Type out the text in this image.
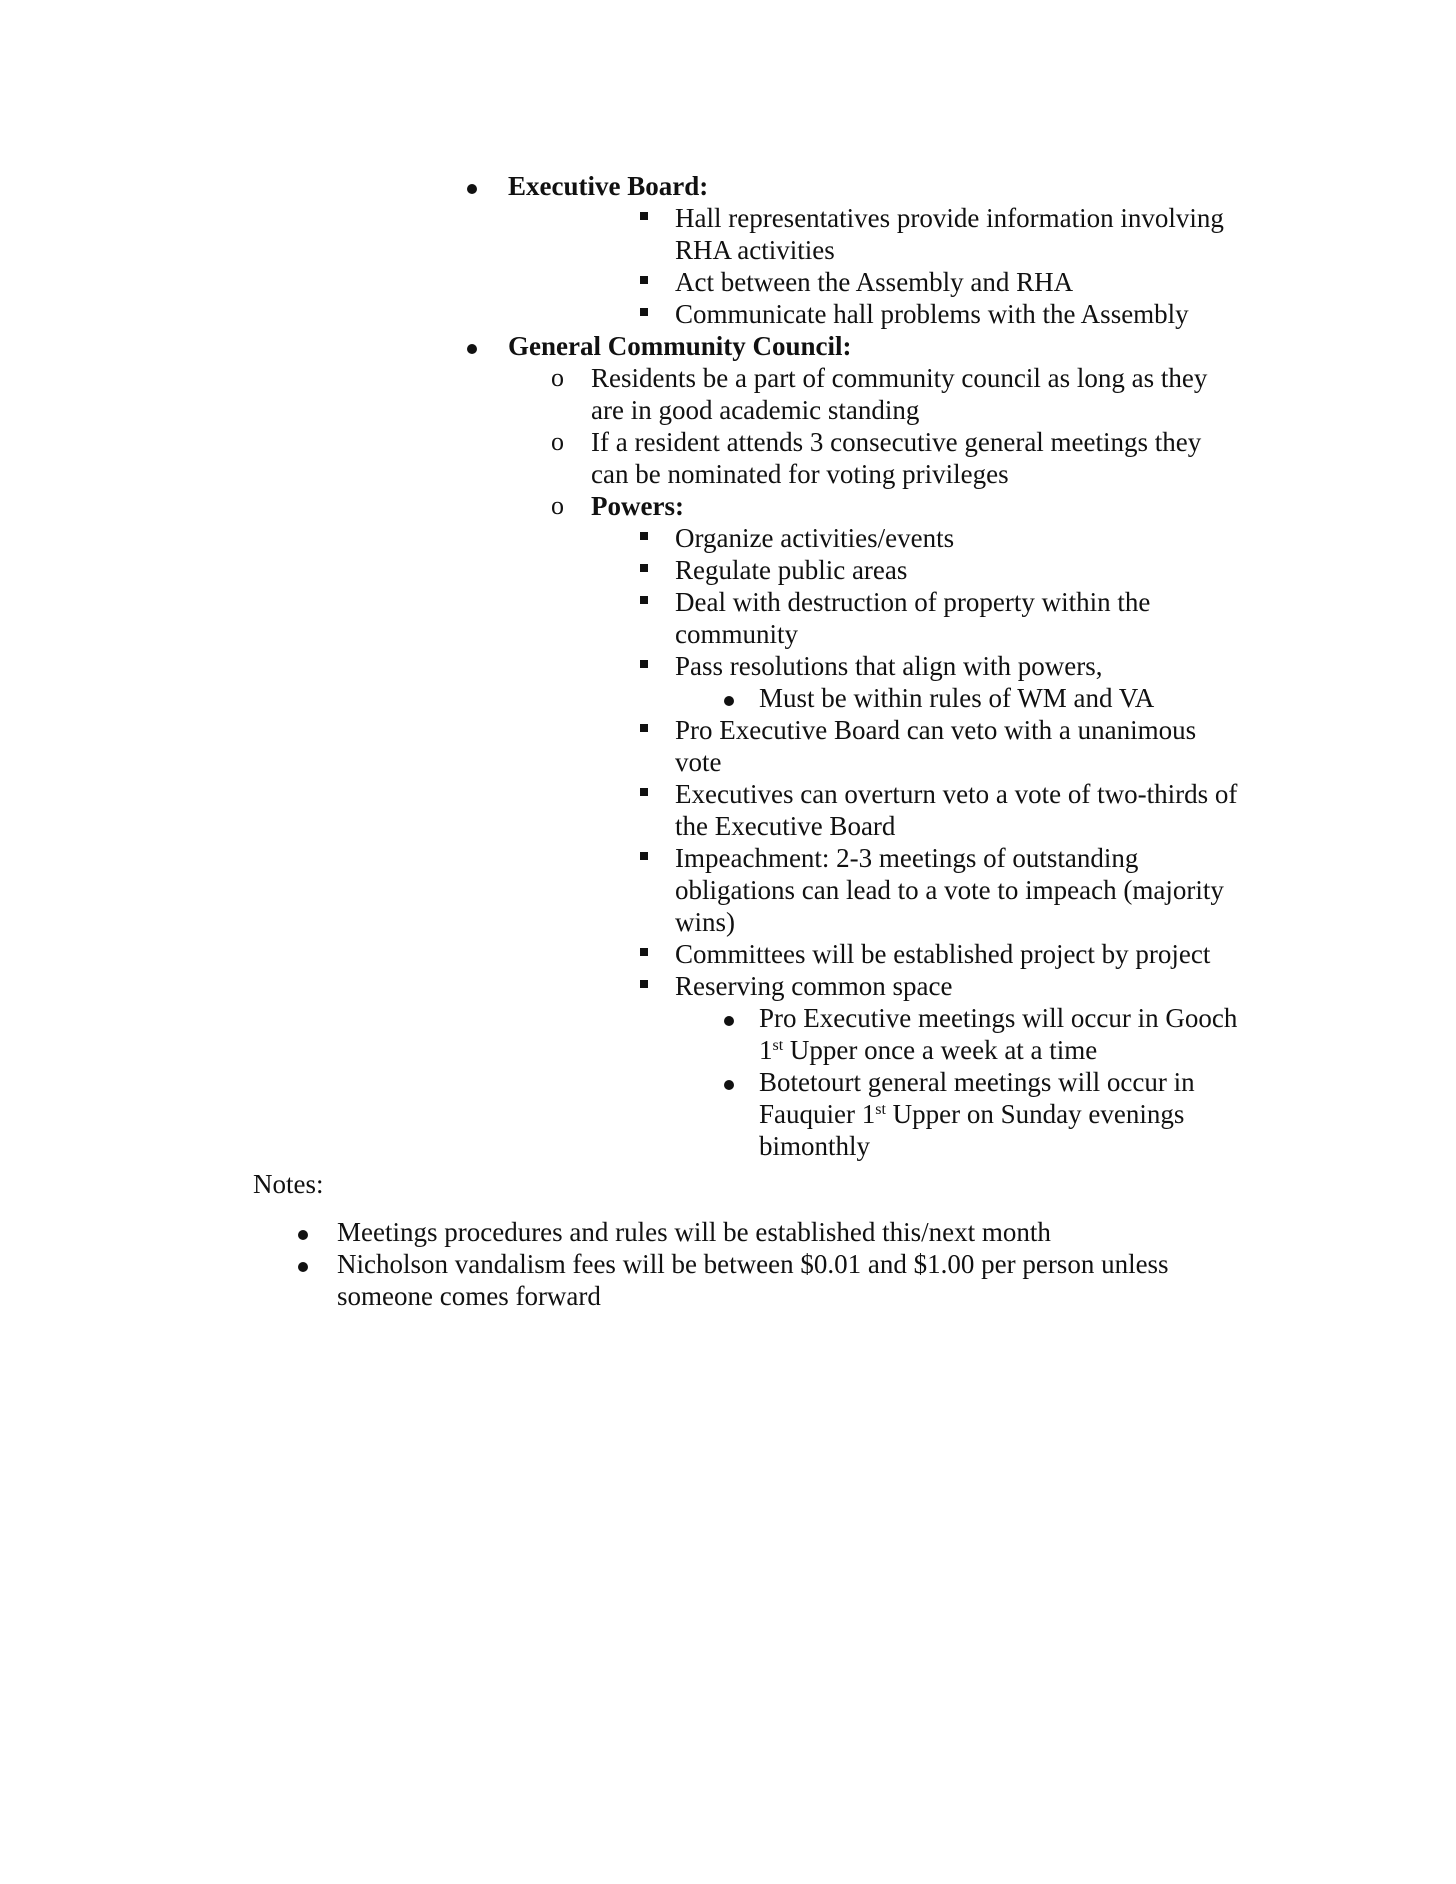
Executive Board:
Hall representatives provide information involving
RHA activities
Act between the Assembly and RHA
Communicate hall problems with the Assembly
General Community Council:
o Residents be a part of community council as long as they
are in good academic standing
o If a resident attends 3 consecutive general meetings they
can be nominated for voting privileges
o Powers:
Organize activities/events
Regulate public areas
Deal with destruction of property within the
community
Pass resolutions that align with powers,
Must be within rules of WM and VA
Pro Executive Board can veto with a unanimous
vote
Executives can overturn veto a vote of two-thirds of
the Executive Board
Impeachment: 2-3 meetings of outstanding
obligations can lead to a vote to impeach (majority
wins)
Committees will be established project by project
Reserving common space
Pro Executive meetings will occur in Gooch
1st Upper once a week at a time
Botetourt general meetings will occur in
Fauquier 1st Upper on Sunday evenings
bimonthly
Notes:
Meetings procedures and rules will be established this/next month
Nicholson vandalism fees will be between $0.01 and $1.00 per person unless
someone comes forward
